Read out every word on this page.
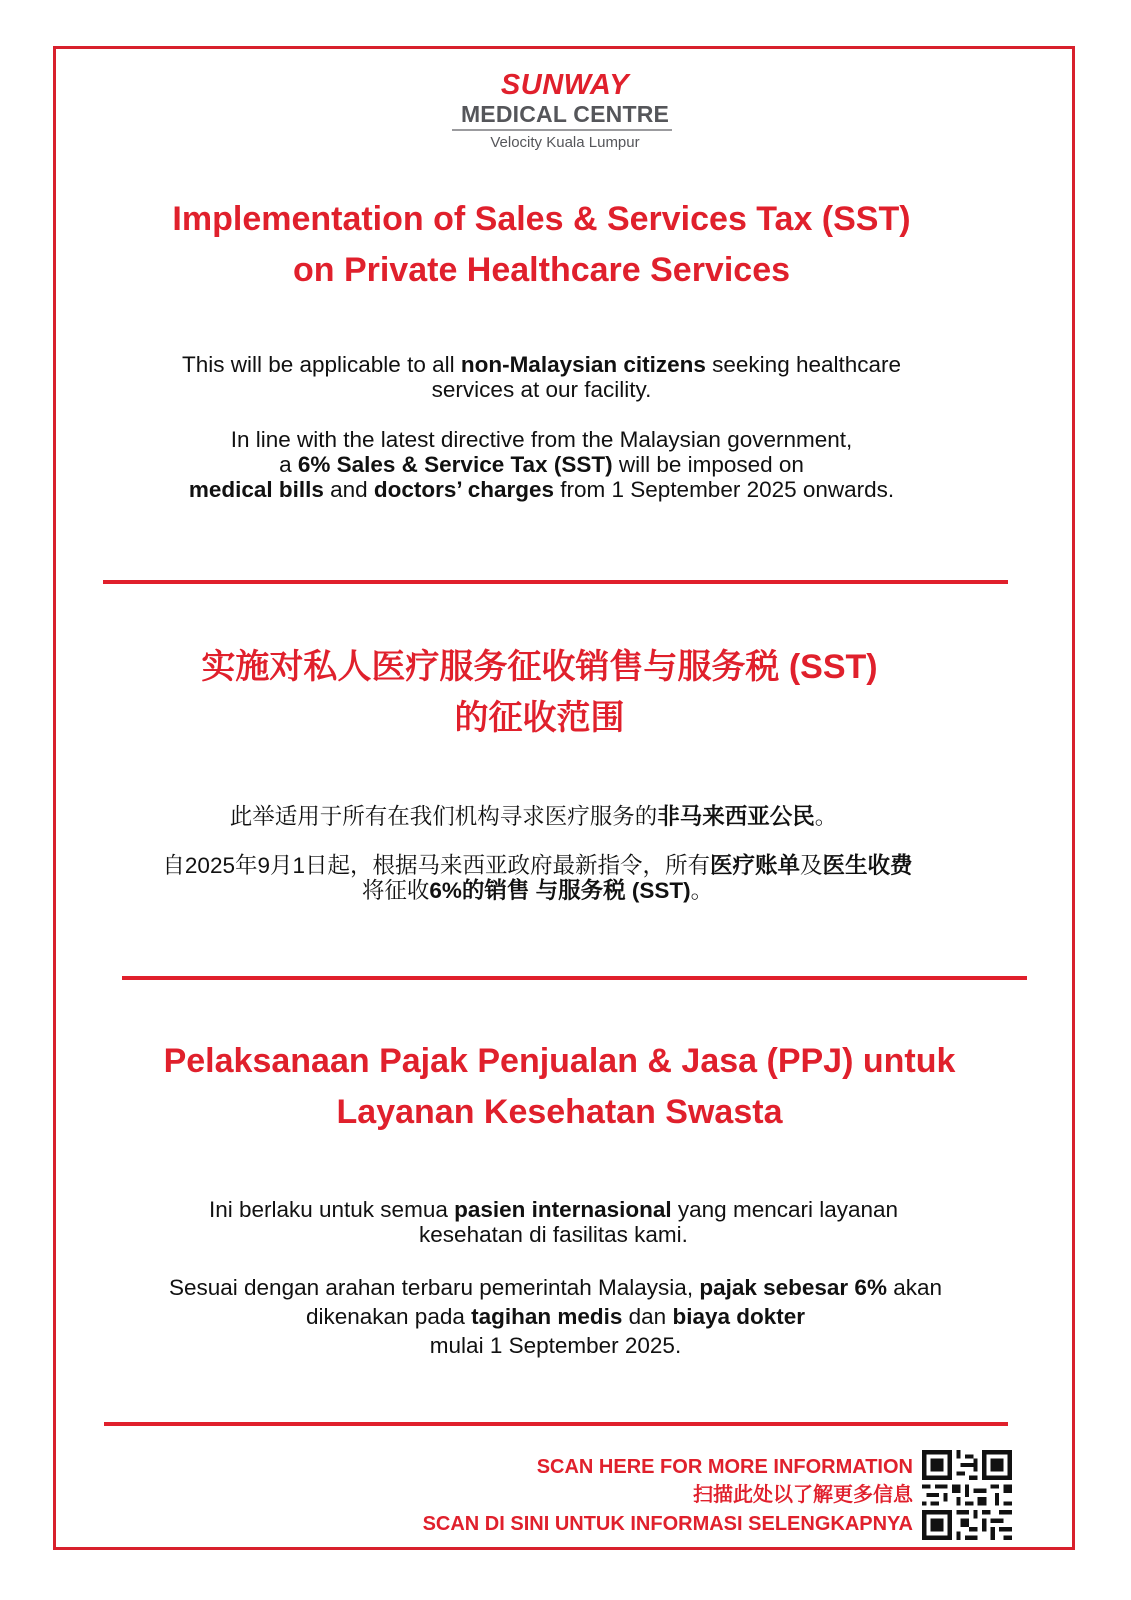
SUNWAY
MEDICAL CENTRE
Velocity Kuala Lumpur
Implementation of Sales & Services Tax (SST)
on Private Healthcare Services
This will be applicable to all non-Malaysian citizens seeking healthcare
services at our facility.
In line with the latest directive from the Malaysian government,
a 6% Sales & Service Tax (SST) will be imposed on
medical bills and doctors’ charges from 1 September 2025 onwards.
实施对私人医疗服务征收销售与服务税 (SST)
的征收范围
此举适用于所有在我们机构寻求医疗服务的非马来西亚公民。
自2025年9月1日起，根据马来西亚政府最新指令，所有医疗账单及医生收费
将征收6%的销售 与服务税 (SST)。
Pelaksanaan Pajak Penjualan & Jasa (PPJ) untuk
Layanan Kesehatan Swasta
Ini berlaku untuk semua pasien internasional yang mencari layanan
kesehatan di fasilitas kami.
Sesuai dengan arahan terbaru pemerintah Malaysia, pajak sebesar 6% akan
dikenakan pada tagihan medis dan biaya dokter
mulai 1 September 2025.
SCAN HERE FOR MORE INFORMATION
扫描此处以了解更多信息
SCAN DI SINI UNTUK INFORMASI SELENGKAPNYA
